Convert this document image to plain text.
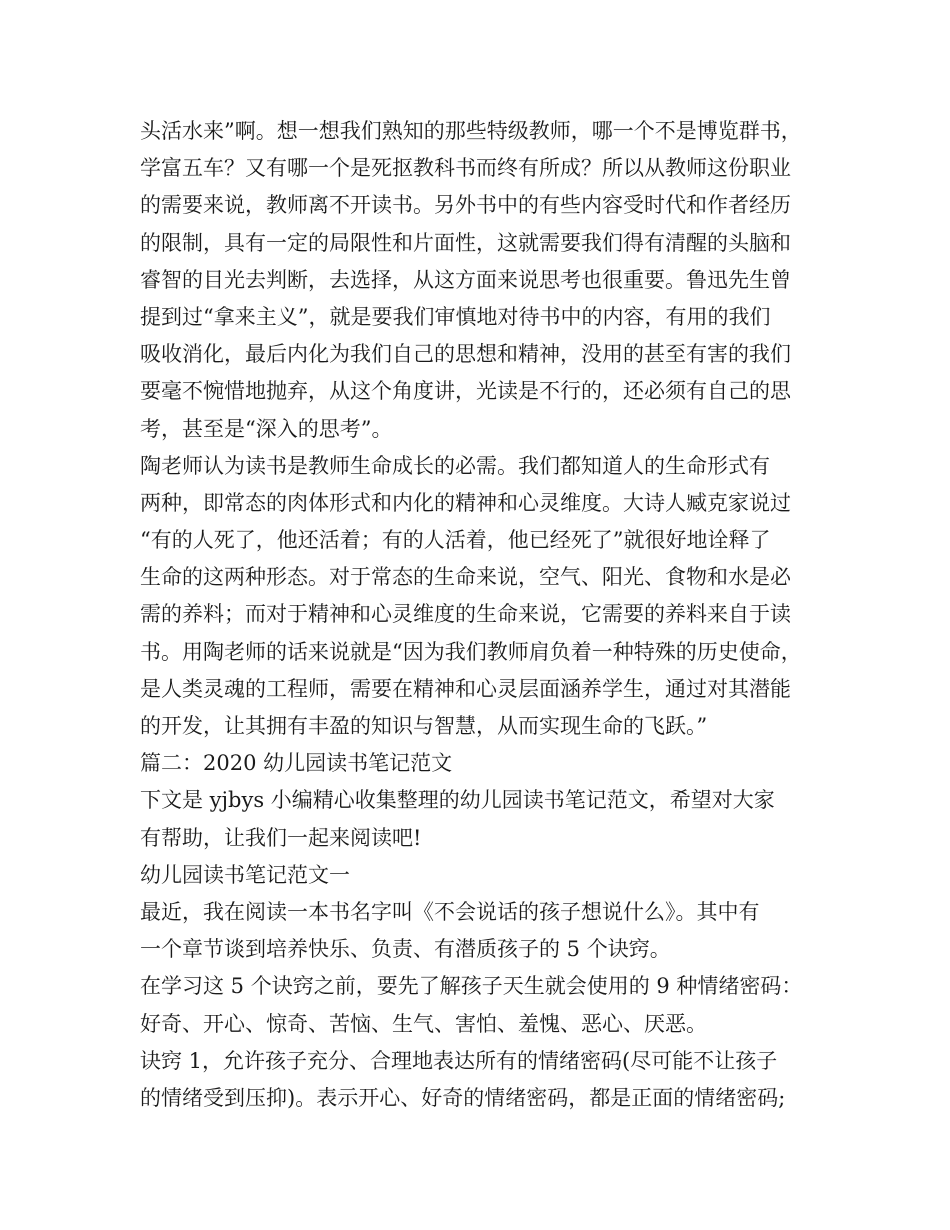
头活水来”啊。想一想我们熟知的那些特级教师，哪一个不是博览群书，
学富五车？又有哪一个是死抠教科书而终有所成？所以从教师这份职业
的需要来说，教师离不开读书。另外书中的有些内容受时代和作者经历
的限制，具有一定的局限性和片面性，这就需要我们得有清醒的头脑和
睿智的目光去判断，去选择，从这方面来说思考也很重要。鲁迅先生曾
提到过“拿来主义”，就是要我们审慎地对待书中的内容，有用的我们
吸收消化，最后内化为我们自己的思想和精神，没用的甚至有害的我们
要毫不惋惜地抛弃，从这个角度讲，光读是不行的，还必须有自己的思
考，甚至是“深入的思考”。
陶老师认为读书是教师生命成长的必需。我们都知道人的生命形式有
两种，即常态的肉体形式和内化的精神和心灵维度。大诗人臧克家说过
“有的人死了，他还活着；有的人活着，他已经死了”就很好地诠释了
生命的这两种形态。对于常态的生命来说，空气、阳光、食物和水是必
需的养料；而对于精神和心灵维度的生命来说，它需要的养料来自于读
书。用陶老师的话来说就是“因为我们教师肩负着一种特殊的历史使命，
是人类灵魂的工程师，需要在精神和心灵层面涵养学生，通过对其潜能
的开发，让其拥有丰盈的知识与智慧，从而实现生命的飞跃。”
篇二：2020 幼儿园读书笔记范文
下文是 yjbys 小编精心收集整理的幼儿园读书笔记范文，希望对大家
有帮助，让我们一起来阅读吧!
幼儿园读书笔记范文一
最近，我在阅读一本书名字叫《不会说话的孩子想说什么》。其中有
一个章节谈到培养快乐、负责、有潜质孩子的 5 个诀窍。
在学习这 5 个诀窍之前，要先了解孩子天生就会使用的 9 种情绪密码：
好奇、开心、惊奇、苦恼、生气、害怕、羞愧、恶心、厌恶。
诀窍 1，允许孩子充分、合理地表达所有的情绪密码(尽可能不让孩子
的情绪受到压抑)。表示开心、好奇的情绪密码，都是正面的情绪密码;
